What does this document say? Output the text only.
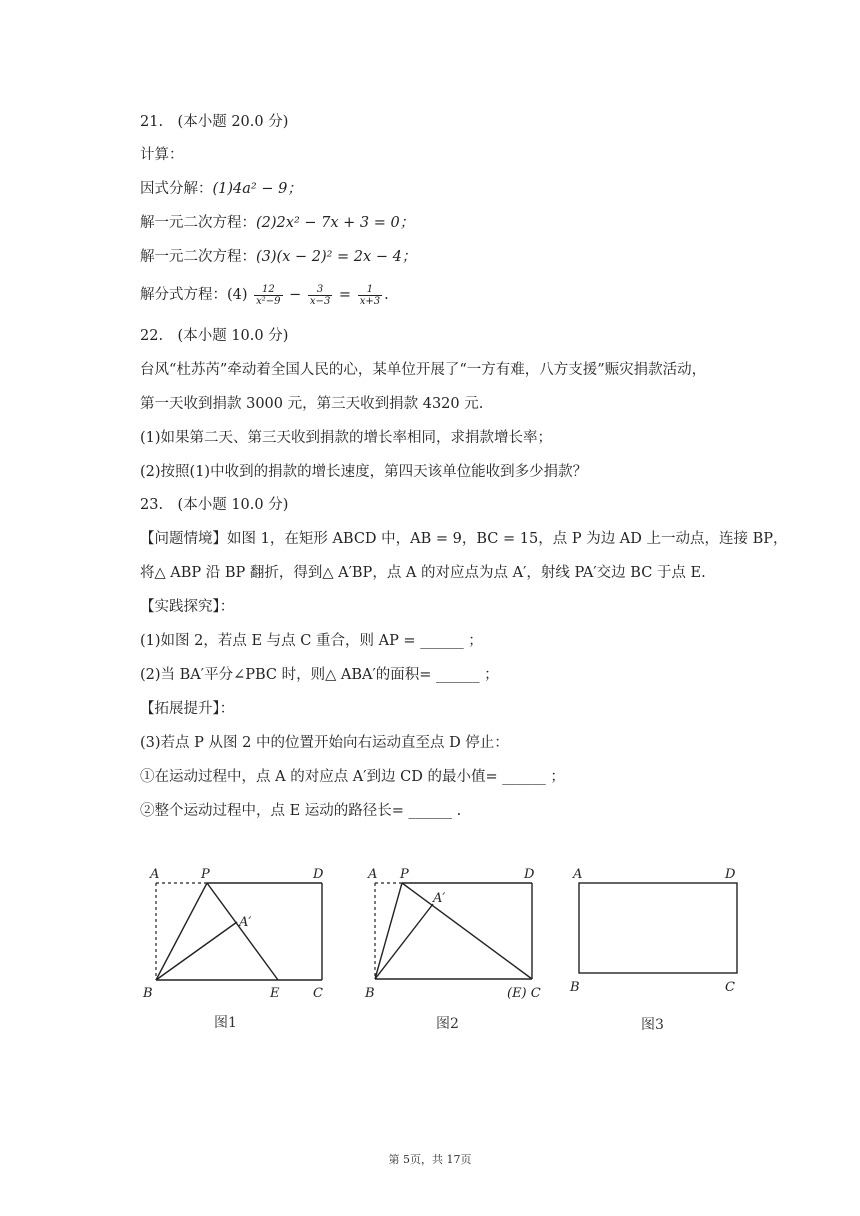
21.　(本小题 20.0 分)
计算：
因式分解：(1)4a² − 9；
解一元二次方程：(2)2x² − 7x + 3 = 0；
解一元二次方程：(3)(x − 2)² = 2x − 4；
解分式方程：$(4) \frac{12}{\text{x²−9}} - \frac{3}{x-3} = \frac{1}{x+3}$ .
22.　(本小题 10.0 分)
台风“杜苏芮”牵动着全国人民的心，某单位开展了“一方有难，八方支援”赈灾捐款活动，
第一天收到捐款 3000 元，第三天收到捐款 4320 元.
(1)如果第二天、第三天收到捐款的增长率相同，求捐款增长率；
(2)按照(1)中收到的捐款的增长速度，第四天该单位能收到多少捐款？
23.　(本小题 10.0 分)
【问题情境】如图 1，在矩形 ABCD 中，AB = 9，BC = 15，点 P 为边 AD 上一动点，连接 BP，
将△ ABP 沿 BP 翻折，得到△ A′BP，点 A 的对应点为点 A′，射线 PA′交边 BC 于点 E.
【实践探究】：
(1)如图 2，若点 E 与点 C 重合，则 AP = ______ ；
(2)当 BA′平分∠PBC 时，则△ ABA′的面积= ______ ；
【拓展提升】：
(3)若点 P 从图 2 中的位置开始向右运动直至点 D 停止：
①在运动过程中，点 A 的对应点 A′到边 CD 的最小值= ______ ；
②整个运动过程中，点 E 运动的路径长= ______ .
A	P	D
A′
B	E	C
图1
A P	D
A′
B	(E) C
图2
A	D
B	C
图3
第 5页，共 17页
